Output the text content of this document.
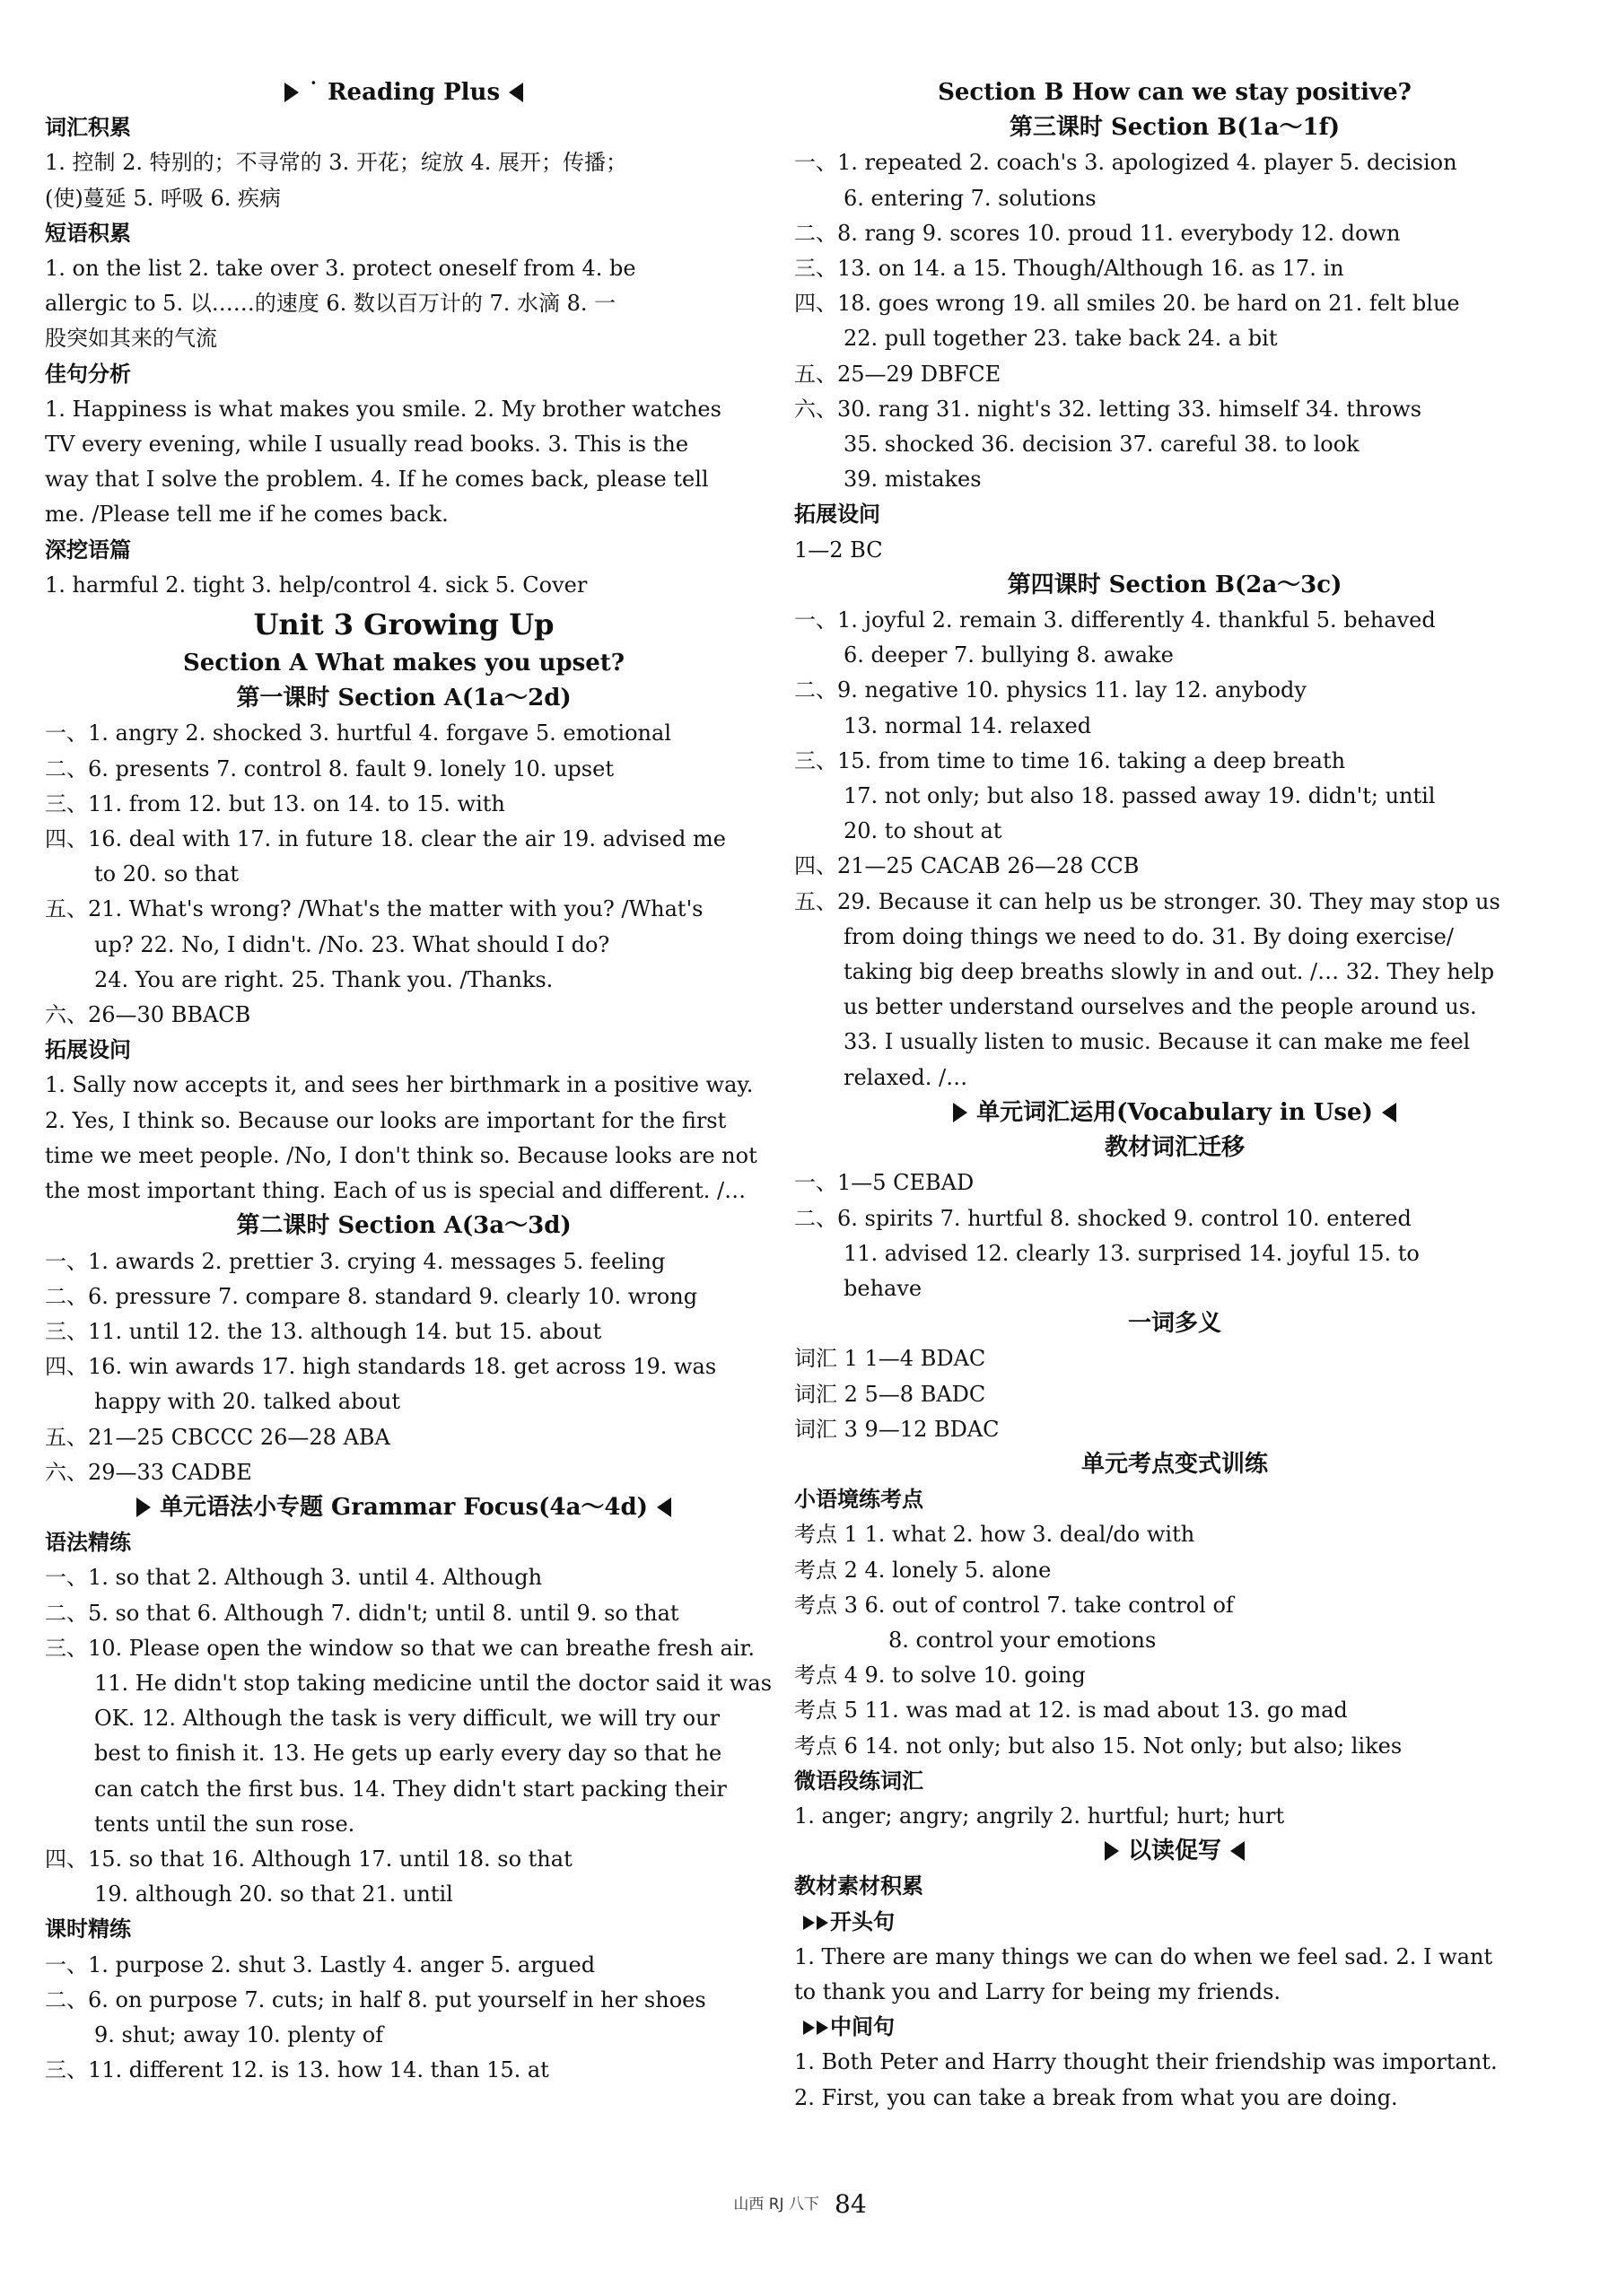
˙ Reading Plus
词汇积累
1. 控制 2. 特别的；不寻常的 3. 开花；绽放 4. 展开；传播；
(使)蔓延 5. 呼吸 6. 疾病
短语积累
1. on the list 2. take over 3. protect oneself from 4. be
allergic to 5. 以……的速度 6. 数以百万计的 7. 水滴 8. 一
股突如其来的气流
佳句分析
1. Happiness is what makes you smile. 2. My brother watches
TV every evening, while I usually read books. 3. This is the
way that I solve the problem. 4. If he comes back, please tell
me. /Please tell me if he comes back.
深挖语篇
1. harmful 2. tight 3. help/control 4. sick 5. Cover
Unit 3 Growing Up
Section A What makes you upset?
第一课时 Section A(1a～2d)
一、1. angry 2. shocked 3. hurtful 4. forgave 5. emotional
二、6. presents 7. control 8. fault 9. lonely 10. upset
三、11. from 12. but 13. on 14. to 15. with
四、16. deal with 17. in future 18. clear the air 19. advised me
to 20. so that
五、21. What's wrong? /What's the matter with you? /What's
up? 22. No, I didn't. /No. 23. What should I do?
24. You are right. 25. Thank you. /Thanks.
六、26—30 BBACB
拓展设问
1. Sally now accepts it, and sees her birthmark in a positive way.
2. Yes, I think so. Because our looks are important for the first
time we meet people. /No, I don't think so. Because looks are not
the most important thing. Each of us is special and different. /…
第二课时 Section A(3a～3d)
一、1. awards 2. prettier 3. crying 4. messages 5. feeling
二、6. pressure 7. compare 8. standard 9. clearly 10. wrong
三、11. until 12. the 13. although 14. but 15. about
四、16. win awards 17. high standards 18. get across 19. was
happy with 20. talked about
五、21—25 CBCCC 26—28 ABA
六、29—33 CADBE
单元语法小专题 Grammar Focus(4a～4d)
语法精练
一、1. so that 2. Although 3. until 4. Although
二、5. so that 6. Although 7. didn't; until 8. until 9. so that
三、10. Please open the window so that we can breathe fresh air.
11. He didn't stop taking medicine until the doctor said it was
OK. 12. Although the task is very difficult, we will try our
best to finish it. 13. He gets up early every day so that he
can catch the first bus. 14. They didn't start packing their
tents until the sun rose.
四、15. so that 16. Although 17. until 18. so that
19. although 20. so that 21. until
课时精练
一、1. purpose 2. shut 3. Lastly 4. anger 5. argued
二、6. on purpose 7. cuts; in half 8. put yourself in her shoes
9. shut; away 10. plenty of
三、11. different 12. is 13. how 14. than 15. at
Section B How can we stay positive?
第三课时 Section B(1a～1f)
一、1. repeated 2. coach's 3. apologized 4. player 5. decision
6. entering 7. solutions
二、8. rang 9. scores 10. proud 11. everybody 12. down
三、13. on 14. a 15. Though/Although 16. as 17. in
四、18. goes wrong 19. all smiles 20. be hard on 21. felt blue
22. pull together 23. take back 24. a bit
五、25—29 DBFCE
六、30. rang 31. night's 32. letting 33. himself 34. throws
35. shocked 36. decision 37. careful 38. to look
39. mistakes
拓展设问
1—2 BC
第四课时 Section B(2a～3c)
一、1. joyful 2. remain 3. differently 4. thankful 5. behaved
6. deeper 7. bullying 8. awake
二、9. negative 10. physics 11. lay 12. anybody
13. normal 14. relaxed
三、15. from time to time 16. taking a deep breath
17. not only; but also 18. passed away 19. didn't; until
20. to shout at
四、21—25 CACAB 26—28 CCB
五、29. Because it can help us be stronger. 30. They may stop us
from doing things we need to do. 31. By doing exercise/
taking big deep breaths slowly in and out. /… 32. They help
us better understand ourselves and the people around us.
33. I usually listen to music. Because it can make me feel
relaxed. /…
单元词汇运用(Vocabulary in Use)
教材词汇迁移
一、1—5 CEBAD
二、6. spirits 7. hurtful 8. shocked 9. control 10. entered
11. advised 12. clearly 13. surprised 14. joyful 15. to
behave
一词多义
词汇 1 1—4 BDAC
词汇 2 5—8 BADC
词汇 3 9—12 BDAC
单元考点变式训练
小语境练考点
考点 1 1. what 2. how 3. deal/do with
考点 2 4. lonely 5. alone
考点 3 6. out of control 7. take control of
8. control your emotions
考点 4 9. to solve 10. going
考点 5 11. was mad at 12. is mad about 13. go mad
考点 6 14. not only; but also 15. Not only; but also; likes
微语段练词汇
1. anger; angry; angrily 2. hurtful; hurt; hurt
以读促写
教材素材积累
开头句
1. There are many things we can do when we feel sad. 2. I want
to thank you and Larry for being my friends.
中间句
1. Both Peter and Harry thought their friendship was important.
2. First, you can take a break from what you are doing.
山西 RJ 八下 84
